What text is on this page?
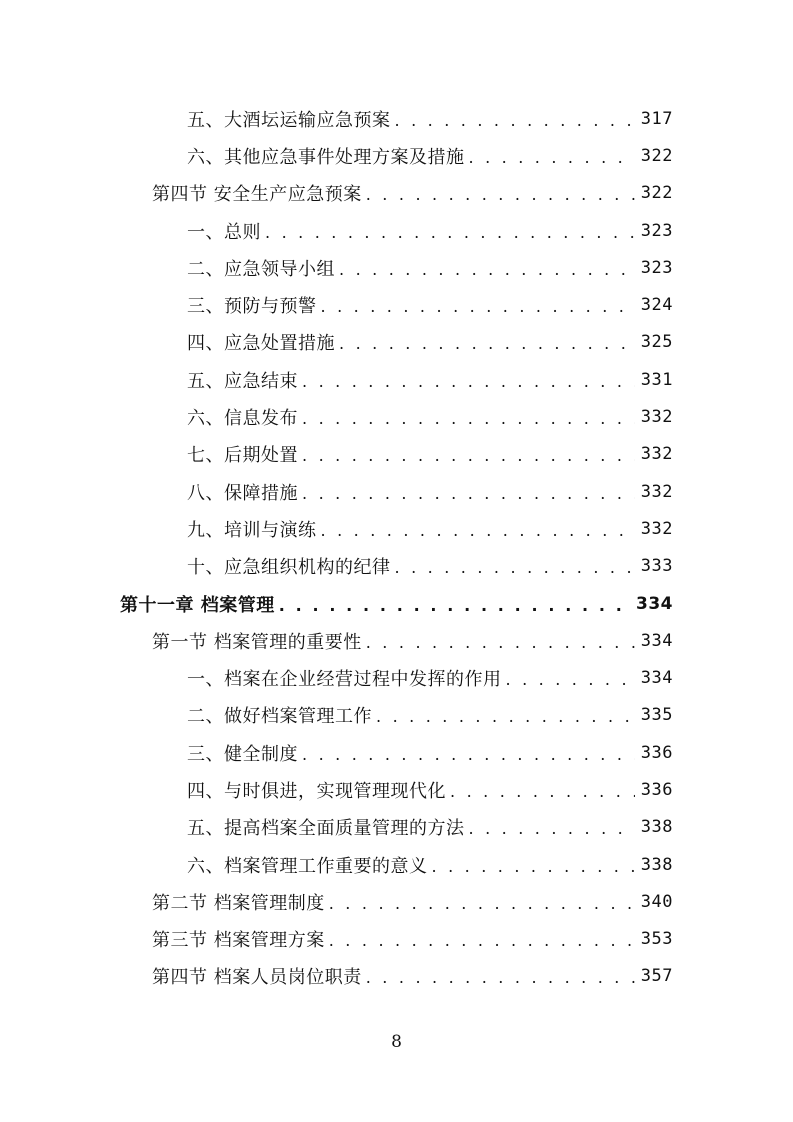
五、大酒坛运输应急预案 . . .	317
六、其他应急事件处理方案及措施 . . .	322
第四节 安全生产应急预案 . . .	322
一、总则 . . .	323
二、应急领导小组 . . .	323
三、预防与预警 . . .	324
四、应急处置措施 . . .	325
五、应急结束 . . .	331
六、信息发布 . . .	332
七、后期处置 . . .	332
八、保障措施 . . .	332
九、培训与演练 . . .	332
十、应急组织机构的纪律 . . .	333
第十一章 档案管理 . . .	334
第一节 档案管理的重要性 . . .	334
一、档案在企业经营过程中发挥的作用 . . .	334
二、做好档案管理工作 . . .	335
三、健全制度 . . .	336
四、与时俱进，实现管理现代化 . . .	336
五、提高档案全面质量管理的方法 . . .	338
六、档案管理工作重要的意义 . . .	338
第二节 档案管理制度 . . .	340
第三节 档案管理方案 . . .	353
第四节 档案人员岗位职责 . . .	357
8
